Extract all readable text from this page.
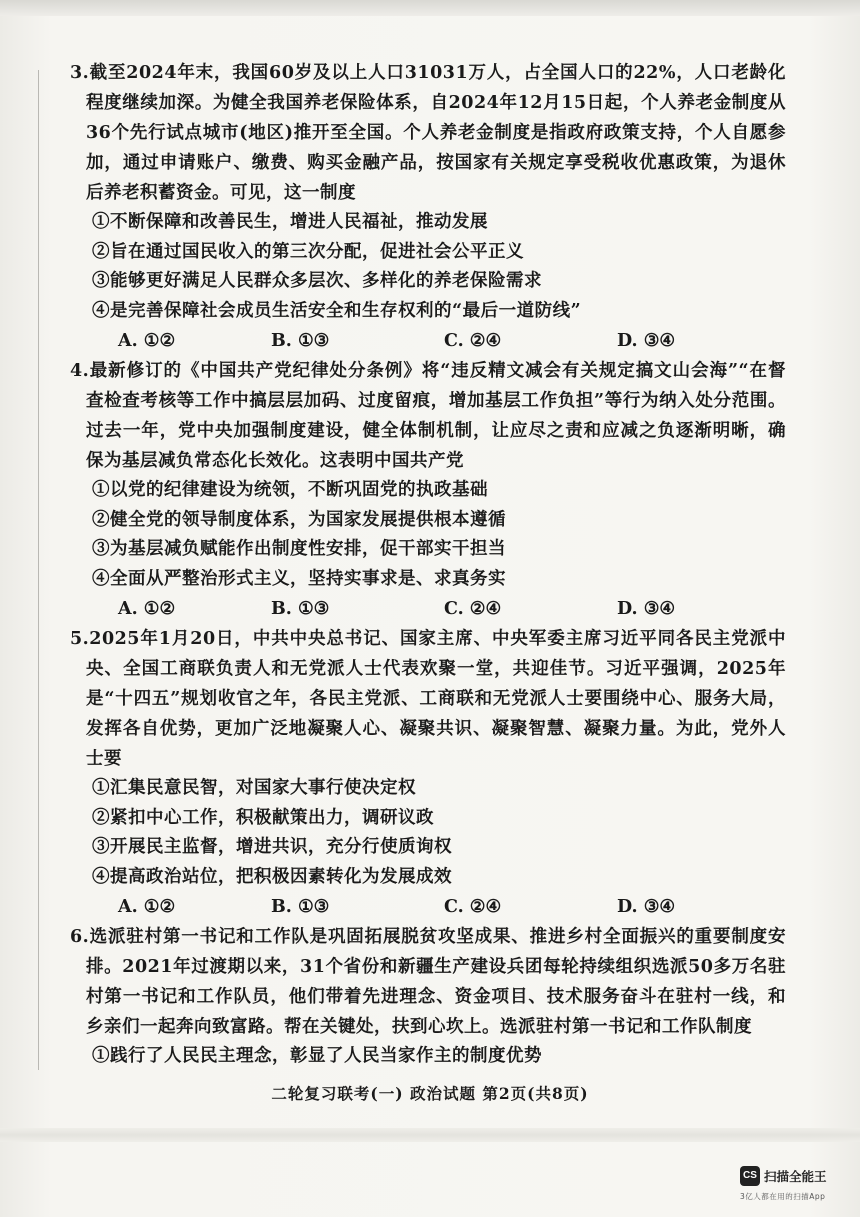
3.截至2024年末，我国60岁及以上人口31031万人，占全国人口的22%，人口老龄化程度继续加深。为健全我国养老保险体系，自2024年12月15日起，个人养老金制度从36个先行试点城市(地区)推开至全国。个人养老金制度是指政府政策支持，个人自愿参加，通过申请账户、缴费、购买金融产品，按国家有关规定享受税收优惠政策，为退休后养老积蓄资金。可见，这一制度
①不断保障和改善民生，增进人民福祉，推动发展
②旨在通过国民收入的第三次分配，促进社会公平正义
③能够更好满足人民群众多层次、多样化的养老保险需求
④是完善保障社会成员生活安全和生存权利的“最后一道防线”
A. ①②	B. ①③	C. ②④	D. ③④
4.最新修订的《中国共产党纪律处分条例》将“违反精文减会有关规定搞文山会海”“在督查检查考核等工作中搞层层加码、过度留痕，增加基层工作负担”等行为纳入处分范围。过去一年，党中央加强制度建设，健全体制机制，让应尽之责和应减之负逐渐明晰，确保为基层减负常态化长效化。这表明中国共产党
①以党的纪律建设为统领，不断巩固党的执政基础
②健全党的领导制度体系，为国家发展提供根本遵循
③为基层减负赋能作出制度性安排，促干部实干担当
④全面从严整治形式主义，坚持实事求是、求真务实
A. ①②	B. ①③	C. ②④	D. ③④
5.2025年1月20日，中共中央总书记、国家主席、中央军委主席习近平同各民主党派中央、全国工商联负责人和无党派人士代表欢聚一堂，共迎佳节。习近平强调，2025年是“十四五”规划收官之年，各民主党派、工商联和无党派人士要围绕中心、服务大局，发挥各自优势，更加广泛地凝聚人心、凝聚共识、凝聚智慧、凝聚力量。为此，党外人士要
①汇集民意民智，对国家大事行使决定权
②紧扣中心工作，积极献策出力，调研议政
③开展民主监督，增进共识，充分行使质询权
④提高政治站位，把积极因素转化为发展成效
A. ①②	B. ①③	C. ②④	D. ③④
6.选派驻村第一书记和工作队是巩固拓展脱贫攻坚成果、推进乡村全面振兴的重要制度安排。2021年过渡期以来，31个省份和新疆生产建设兵团每轮持续组织选派50多万名驻村第一书记和工作队员，他们带着先进理念、资金项目、技术服务奋斗在驻村一线，和乡亲们一起奔向致富路。帮在关键处，扶到心坎上。选派驻村第一书记和工作队制度
①践行了人民民主理念，彰显了人民当家作主的制度优势
二轮复习联考(一) 政治试题 第2页(共8页)
CS 扫描全能王
3亿人都在用的扫描App
